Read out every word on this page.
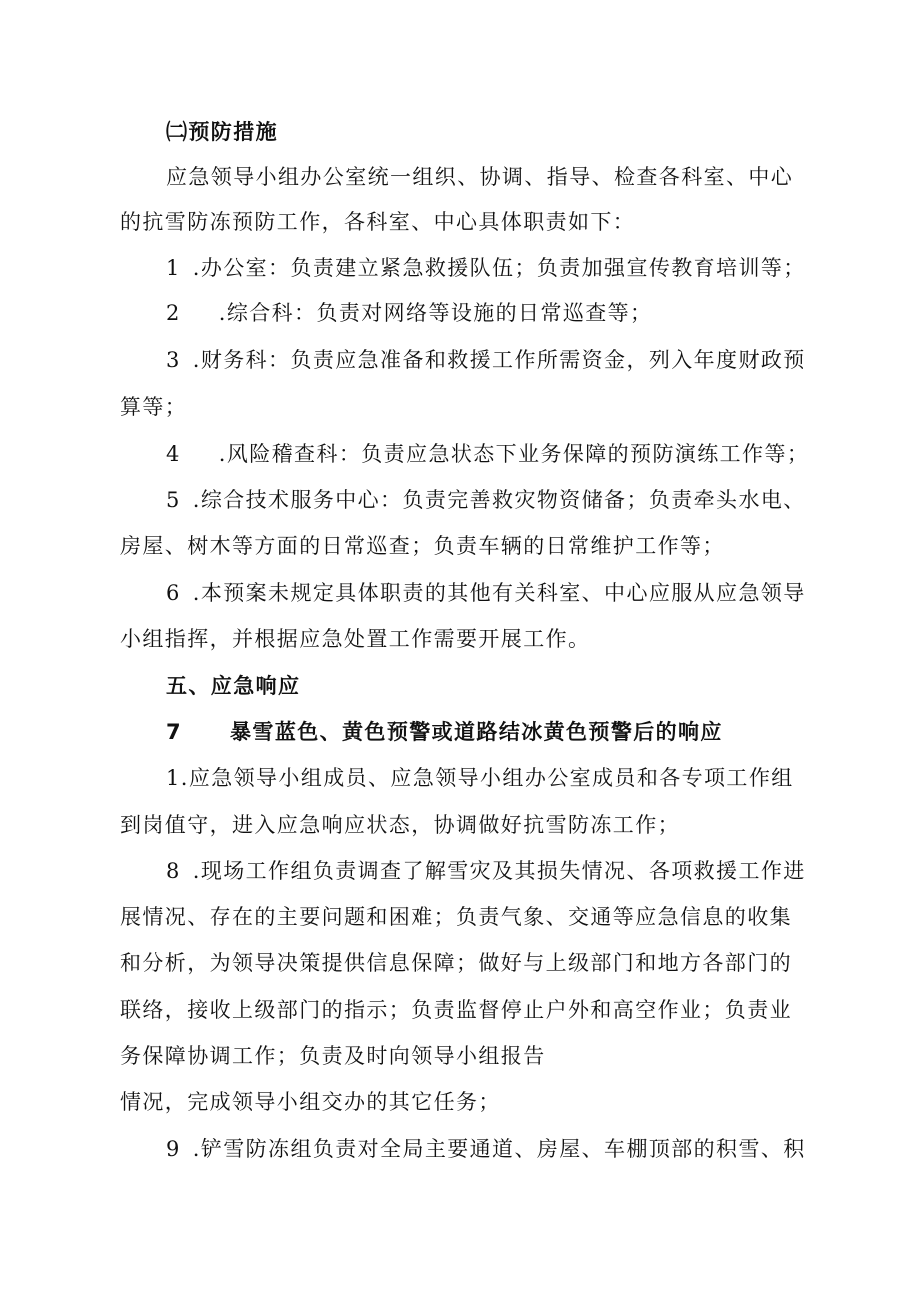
㈡预防措施
应急领导小组办公室统一组织、协调、指导、检查各科室、中心
的抗雪防冻预防工作，各科室、中心具体职责如下：
1 .办公室：负责建立紧急救援队伍；负责加强宣传教育培训等；
2 .综合科：负责对网络等设施的日常巡查等；
3 .财务科：负责应急准备和救援工作所需资金，列入年度财政预
算等；
4 .风险稽查科：负责应急状态下业务保障的预防演练工作等；
5 .综合技术服务中心：负责完善救灾物资储备；负责牵头水电、
房屋、树木等方面的日常巡查；负责车辆的日常维护工作等；
6 .本预案未规定具体职责的其他有关科室、中心应服从应急领导
小组指挥，并根据应急处置工作需要开展工作。
五、应急响应
7 暴雪蓝色、黄色预警或道路结冰黄色预警后的响应
1.应急领导小组成员、应急领导小组办公室成员和各专项工作组
到岗值守，进入应急响应状态，协调做好抗雪防冻工作；
8 .现场工作组负责调查了解雪灾及其损失情况、各项救援工作进
展情况、存在的主要问题和困难；负责气象、交通等应急信息的收集
和分析，为领导决策提供信息保障；做好与上级部门和地方各部门的
联络，接收上级部门的指示；负责监督停止户外和高空作业；负责业
务保障协调工作；负责及时向领导小组报告
情况，完成领导小组交办的其它任务；
9 .铲雪防冻组负责对全局主要通道、房屋、车棚顶部的积雪、积
